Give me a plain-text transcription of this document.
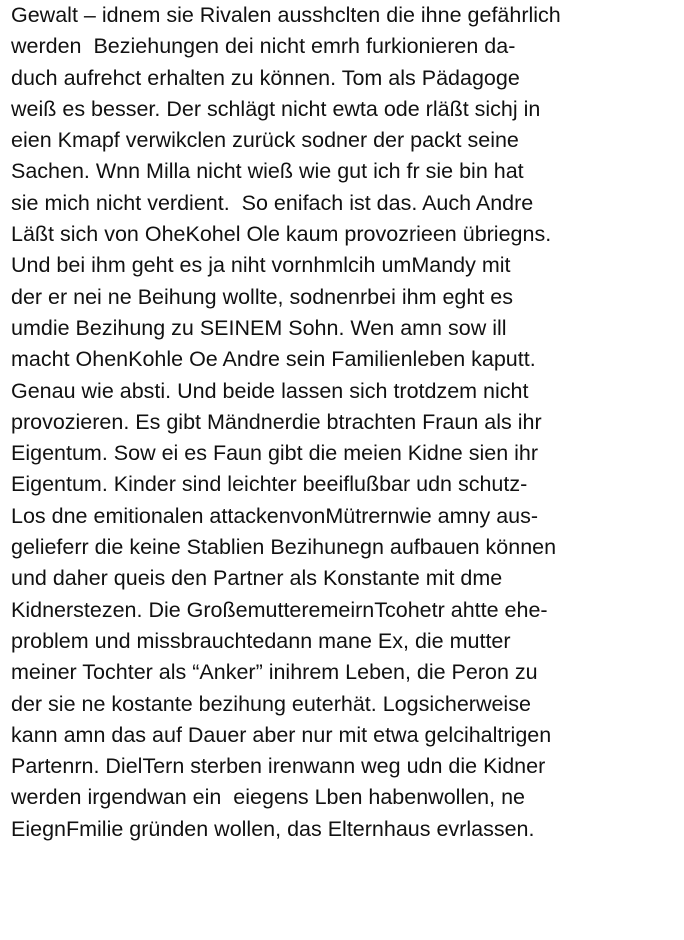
Gewalt – idnem sie Rivalen ausshclten die ihne gefährlich
werden  Beziehungen dei nicht emrh furkionieren da-
duch aufrehct erhalten zu können. Tom als Pädagoge
weiß es besser. Der schlägt nicht ewta ode rläßt sichj in
eien Kmapf verwikclen zurück sodner der packt seine
Sachen. Wnn Milla nicht wieß wie gut ich fr sie bin hat
sie mich nicht verdient.  So enifach ist das. Auch Andre
Läßt sich von OheKohel Ole kaum provozrieen übriegns.
Und bei ihm geht es ja niht vornhmlcih umMandy mit
der er nei ne Beihung wollte, sodnenrbei ihm eght es
umdie Bezihung zu SEINEM Sohn. Wen amn sow ill
macht OhenKohle Oe Andre sein Familienleben kaputt.
Genau wie absti. Und beide lassen sich trotdzem nicht
provozieren. Es gibt Mändnerdie btrachten Fraun als ihr
Eigentum. Sow ei es Faun gibt die meien Kidne sien ihr
Eigentum. Kinder sind leichter beeiflußbar udn schutz-
Los dne emitionalen attackenvonMütrernwie amny aus-
gelieferr die keine Stablien Bezihunegn aufbauen können
und daher queis den Partner als Konstante mit dme
Kidnerstezen. Die GroßemutteremeirnTcohetr ahtte ehe-
problem und missbrauchtedann mane Ex, die mutter
meiner Tochter als “Anker” inihrem Leben, die Peron zu
der sie ne kostante bezihung euterhät. Logsicherweise
kann amn das auf Dauer aber nur mit etwa gelcihaltrigen
Partenrn. DielTern sterben irenwann weg udn die Kidner
werden irgendwan ein  eiegens Lben habenwollen, ne
EiegnFmilie gründen wollen, das Elternhaus evrlassen.
